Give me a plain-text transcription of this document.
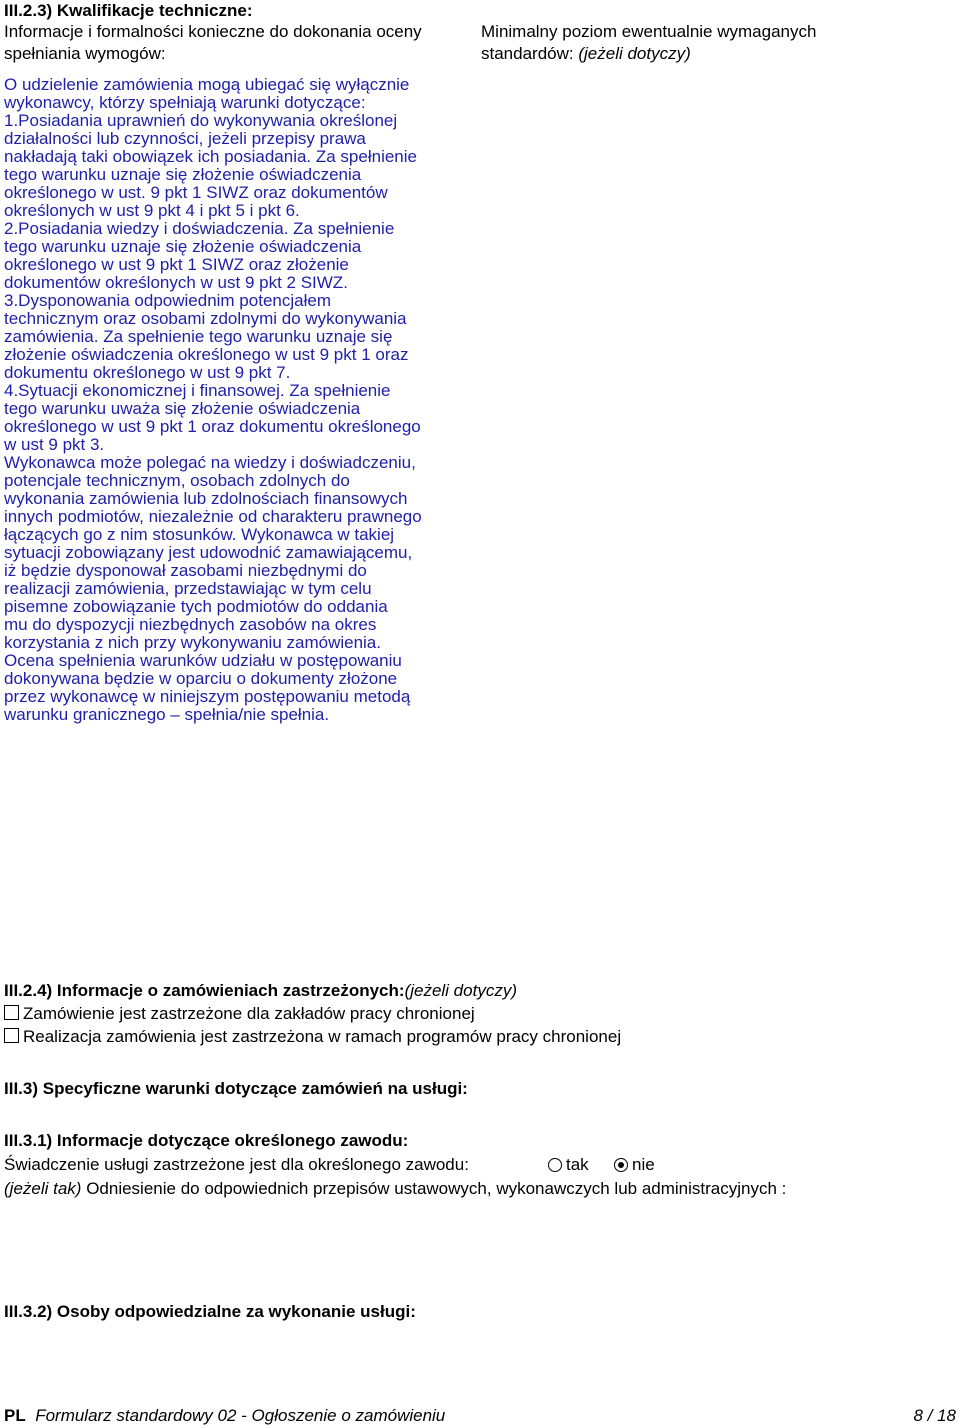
III.2.3) Kwalifikacje techniczne:

Informacje i formalności konieczne do dokonania oceny

spełniania wymogów:

Minimalny poziom ewentualnie wymaganych

standardów: (jeżeli dotyczy)

O udzielenie zamówienia mogą ubiegać się wyłącznie

wykonawcy, którzy spełniają warunki dotyczące:

1.Posiadania uprawnień do wykonywania określonej

działalności lub czynności, jeżeli przepisy prawa

nakładają taki obowiązek ich posiadania. Za spełnienie

tego warunku uznaje się złożenie oświadczenia

określonego w ust. 9 pkt 1 SIWZ oraz dokumentów

określonych w ust 9 pkt 4 i pkt 5 i pkt 6.

2.Posiadania wiedzy i doświadczenia. Za spełnienie

tego warunku uznaje się złożenie oświadczenia

określonego w ust 9 pkt 1 SIWZ oraz złożenie

dokumentów określonych w ust 9 pkt 2 SIWZ.

3.Dysponowania odpowiednim potencjałem

technicznym oraz osobami zdolnymi do wykonywania

zamówienia. Za spełnienie tego warunku uznaje się

złożenie oświadczenia określonego w ust 9 pkt 1 oraz

dokumentu określonego w ust 9 pkt 7.

4.Sytuacji ekonomicznej i finansowej. Za spełnienie

tego warunku uważa się złożenie oświadczenia

określonego w ust 9 pkt 1 oraz dokumentu określonego

w ust 9 pkt 3.

Wykonawca może polegać na wiedzy i doświadczeniu,

potencjale technicznym, osobach zdolnych do

wykonania zamówienia lub zdolnościach finansowych

innych podmiotów, niezależnie od charakteru prawnego

łączących go z nim stosunków. Wykonawca w takiej

sytuacji zobowiązany jest udowodnić zamawiającemu,

iż będzie dysponował zasobami niezbędnymi do

realizacji zamówienia, przedstawiając w tym celu

pisemne zobowiązanie tych podmiotów do oddania

mu do dyspozycji niezbędnych zasobów na okres

korzystania z nich przy wykonywaniu zamówienia.

Ocena spełnienia warunków udziału w postępowaniu

dokonywana będzie w oparciu o dokumenty złożone

przez wykonawcę w niniejszym postępowaniu metodą

warunku granicznego – spełnia/nie spełnia.

III.2.4) Informacje o zamówieniach zastrzeżonych:(jeżeli dotyczy)
Zamówienie jest zastrzeżone dla zakładów pracy chronionej
Realizacja zamówienia jest zastrzeżona w ramach programów pracy chronionej
III.3) Specyficzne warunki dotyczące zamówień na usługi:
III.3.1) Informacje dotyczące określonego zawodu:
Świadczenie usługi zastrzeżone jest dla określonego zawodu:	tak	nie
(jeżeli tak) Odniesienie do odpowiednich przepisów ustawowych, wykonawczych lub administracyjnych :
III.3.2) Osoby odpowiedzialne za wykonanie usługi:
PL Formularz standardowy 02 - Ogłoszenie o zamówieniu	8 / 18
